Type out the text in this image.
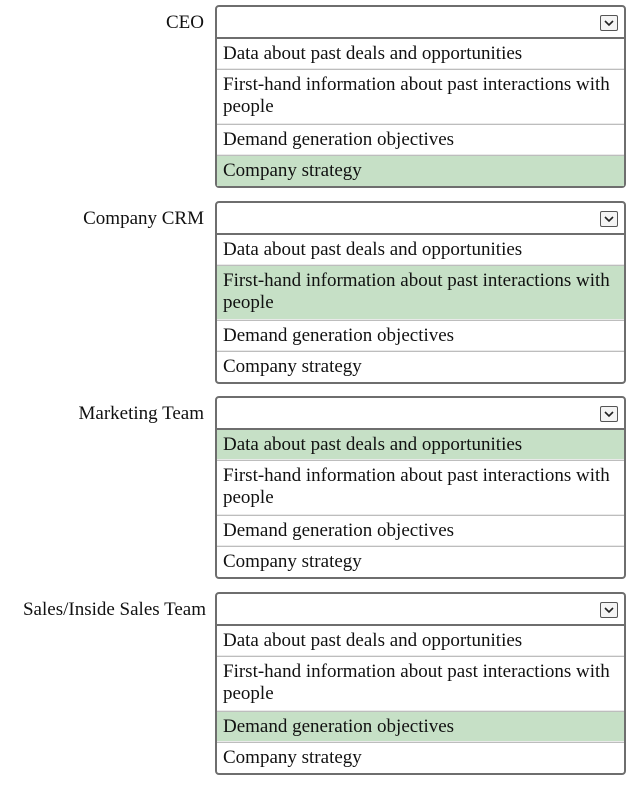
CEO
Data about past deals and opportunities
First-hand information about past interactions with people
Demand generation objectives
Company strategy
Company CRM
Data about past deals and opportunities
First-hand information about past interactions with people
Demand generation objectives
Company strategy
Marketing Team
Data about past deals and opportunities
First-hand information about past interactions with people
Demand generation objectives
Company strategy
Sales/Inside Sales Team
Data about past deals and opportunities
First-hand information about past interactions with people
Demand generation objectives
Company strategy
